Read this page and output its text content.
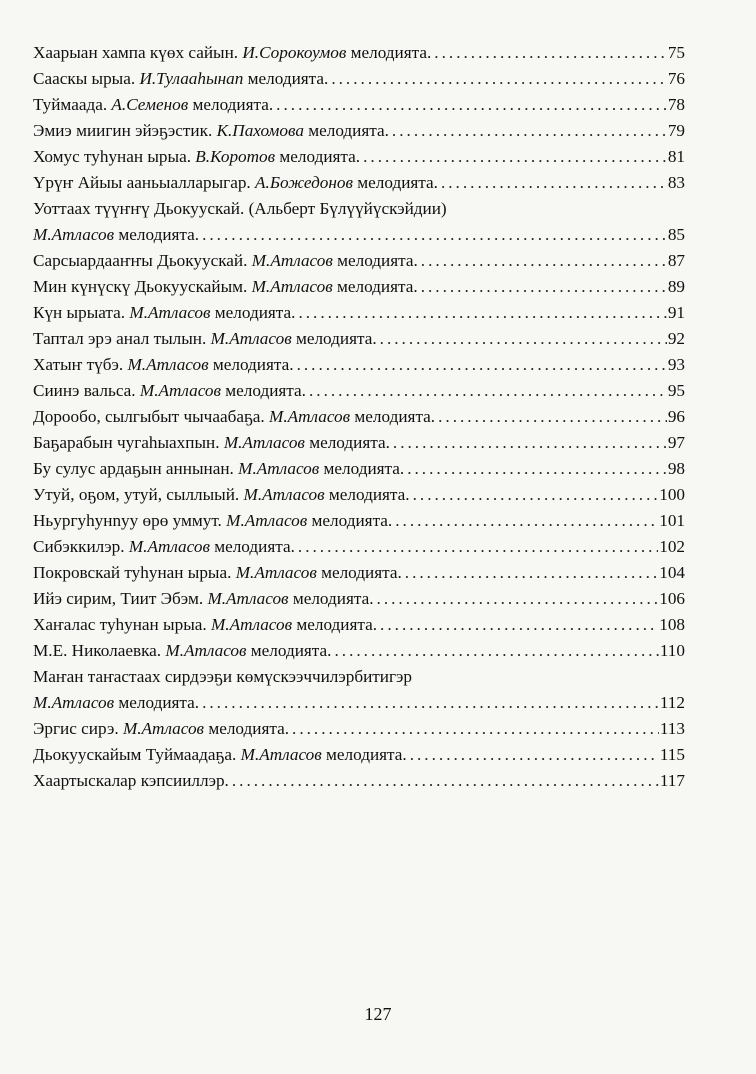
Хаарыан хампа күөх сайын. И.Сорокоумов мелодията. .....	75
Сааскы ырыа. И.Тулааһынап мелодията. .....	76
Туймаада. А.Семенов мелодията. .....	78
Эмиэ миигин эйэҕэстик. К.Пахомова мелодията. .....	79
Хомус туһунан ырыа. В.Коротов мелодията. .....	81
Үрүҥ Айыы ааньыалларыгар. А.Божедонов мелодията. .....	83
Уоттаах түүҥҥү Дьокуускай. (Альберт Бүлүүйүскэйдии)
М.Атласов мелодията. .....	85
Сарсыардааҥҥы Дьокуускай. М.Атласов мелодията. .....	87
Мин күнүскү Дьокуускайым. М.Атласов мелодията. .....	89
Күн ырыата. М.Атласов мелодията. .....	91
Таптал эрэ анал тылын. М.Атласов мелодията. .....	92
Хатыҥ түбэ. М.Атласов мелодията. .....	93
Сиинэ вальса. М.Атласов мелодията. .....	95
Дорообо, сылгыбыт чычаабаҕа. М.Атласов мелодията. .....	96
Баҕарабын чугаһыахпын. М.Атласов мелодията. .....	97
Бу сулус ардаҕын аннынан. М.Атласов мелодията. .....	98
Утуй, оҕом, утуй, сыллыый. М.Атласов мелодията. .....	100
Ньургуһунnуу өрө уммут. М.Атласов мелодията. .....	101
Сибэккилэр. М.Атласов мелодията. .....	102
Покровскай туһунан ырыа. М.Атласов мелодията. .....	104
Ийэ сирим, Тиит Эбэм. М.Атласов мелодията. .....	106
Хаҥалас туһунан ырыа. М.Атласов мелодията. .....	108
М.Е. Николаевка. М.Атласов мелодията. .....	110
Маҥан таҥастаах сирдээҕи көмүскээччилэрбитигэр
М.Атласов мелодията. .....	112
Эргис сирэ. М.Атласов мелодията. .....	113
Дьокуускайым Туймаадаҕа. М.Атласов мелодията. .....	115
Хаартыскалар кэпсииллэр. .....	117
127
